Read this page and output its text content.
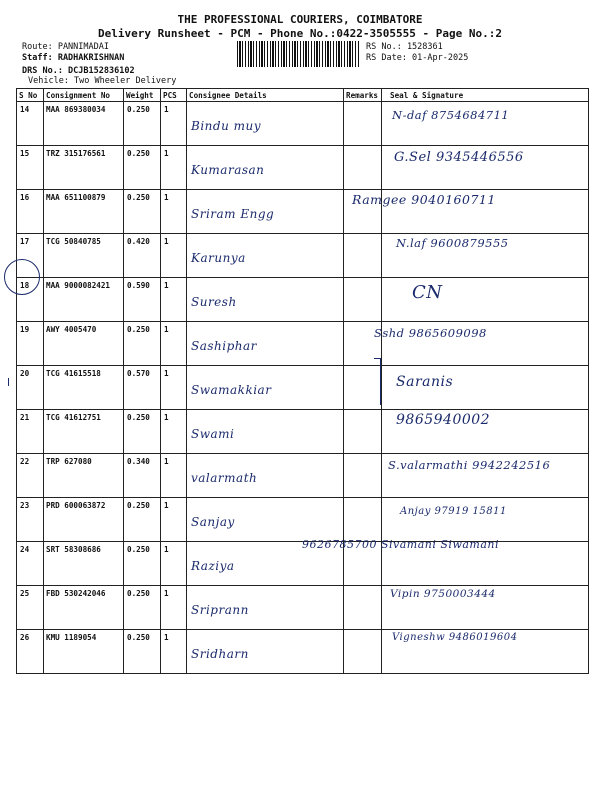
THE PROFESSIONAL COURIERS, COIMBATORE
Delivery Runsheet - PCM - Phone No.:0422-3505555 - Page No.:2
Route: PANNIMADAI
Staff: RADHAKRISHNAN
DRS No.: DCJB152836102
Vehicle: Two Wheeler Delivery
RS No.: 1528361
RS Date: 01-Apr-2025
S No	Consignment No	Weight	PCS	Consignee Details	Remarks	Seal & Signature
14	MAA 869380034	0.250	1	Bindu muy		N-daf 8754684711

15	TRZ 315176561	0.250	1	Kumarasan		G.Sel 9345446556

16	MAA 651100879	0.250	1	Sriram Engg		Ramgee 9040160711

17	TCG 50840785	0.420	1	Karunya		N.laf 9600879555

18	MAA 9000082421	0.590	1	Suresh		CN

19	AWY 4005470	0.250	1	Sashiphar		Sshd 9865609098

20	TCG 41615518	0.570	1	Swamakkiar		Saranis

21	TCG 41612751	0.250	1	Swami		9865940002

22	TRP 627080	0.340	1	valarmath		S.valarmathi 9942242516

23	PRD 600063872	0.250	1	Sanjay		Anjay 97919 15811

24	SRT 58308686	0.250	1	Raziya		9626785700 Sivamani Siwamani

25	FBD 530242046	0.250	1	Sriprann		Vipin 9750003444

26	KMU 1189054	0.250	1	Sridharn		Vigneshw 9486019604
